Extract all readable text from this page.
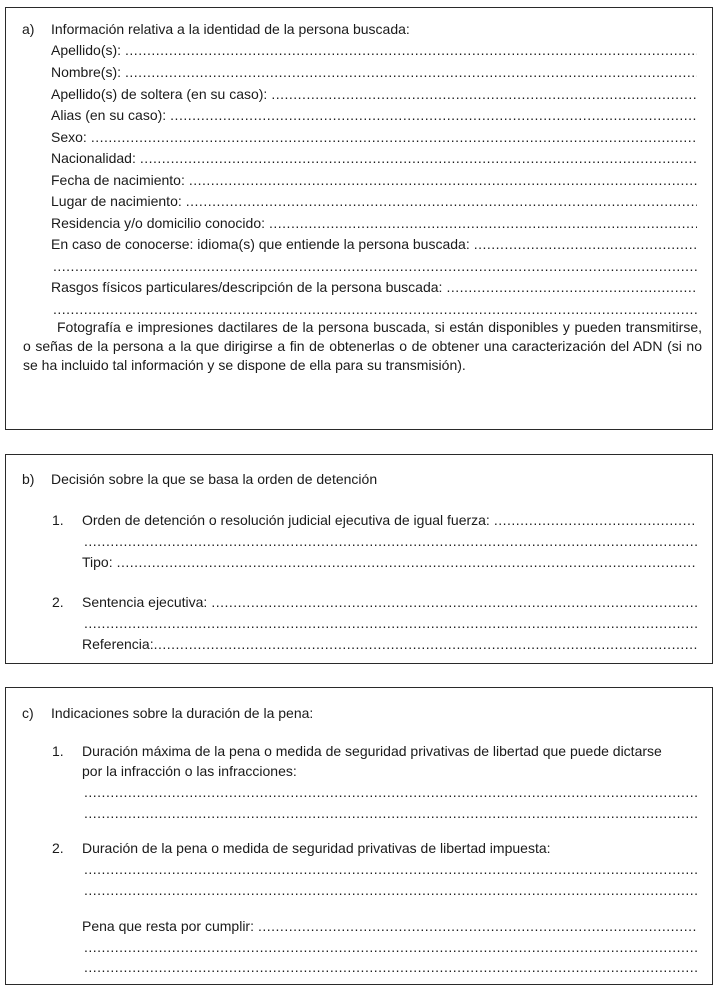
a) Información relativa a la identidad de la persona buscada:
Apellido(s):
.....
Nombre(s):
.....
Apellido(s) de soltera (en su caso):
.....
Alias (en su caso):
.....
Sexo:
.....
Nacionalidad:
.....
Fecha de nacimiento:
.....
Lugar de nacimiento:
.....
Residencia y/o domicilio conocido:
.....
En caso de conocerse: idioma(s) que entiende la persona buscada:
.....
.....
Rasgos físicos particulares/descripción de la persona buscada:
.....
.....
Fotografía e impresiones dactilares de la persona buscada, si están disponibles y pueden transmitirse, o señas de la persona a la que dirigirse a fin de obtenerlas o de obtener una caracterización del ADN (si no se ha incluido tal información y se dispone de ella para su transmisión).
b) Decisión sobre la que se basa la orden de detención
1. Orden de detención o resolución judicial ejecutiva de igual fuerza:
.....
.....
Tipo:
.....
2. Sentencia ejecutiva:
.....
.....
Referencia:
.....
c) Indicaciones sobre la duración de la pena:
1. Duración máxima de la pena o medida de seguridad privativas de libertad que puede dictarse
por la infracción o las infracciones:
.....
.....
2. Duración de la pena o medida de seguridad privativas de libertad impuesta:
.....
.....
Pena que resta por cumplir:
.....
.....
.....
